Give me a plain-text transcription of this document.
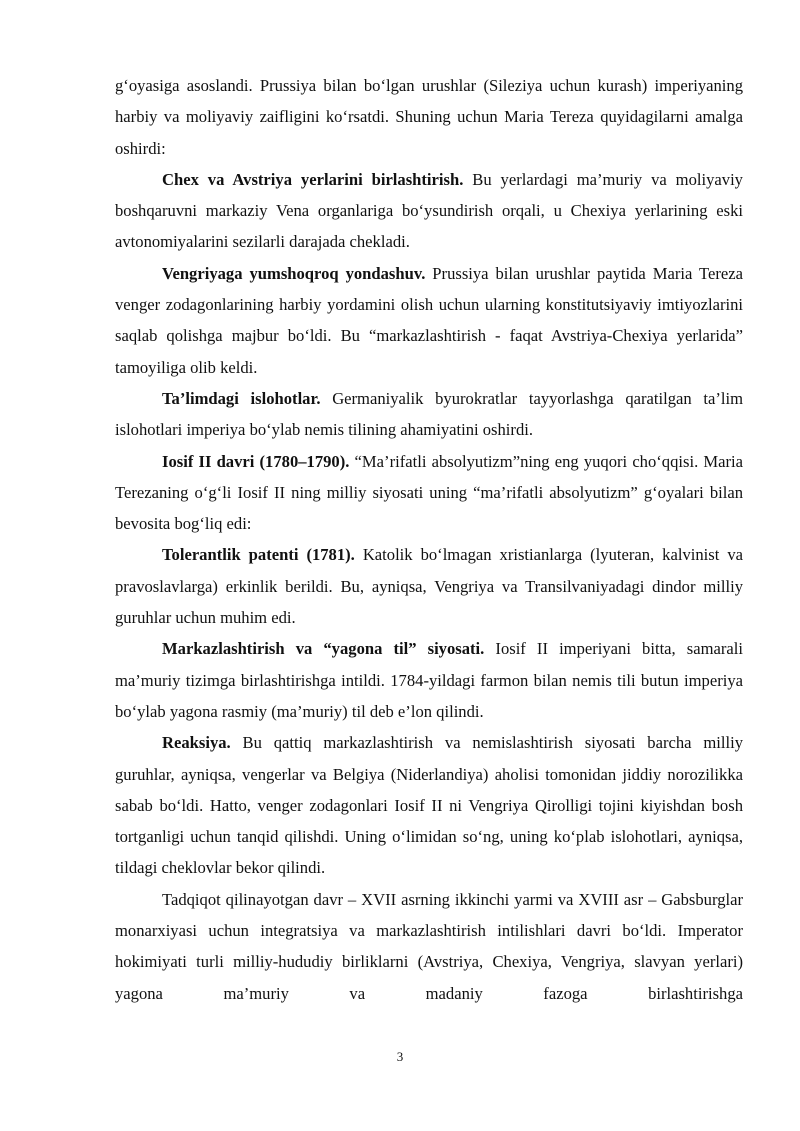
g‘oyasiga asoslandi. Prussiya bilan bo‘lgan urushlar (Sileziya uchun kurash) imperiyaning harbiy va moliyaviy zaifligini ko‘rsatdi. Shuning uchun Maria Tereza quyidagilarni amalga oshirdi:

Chex va Avstriya yerlarini birlashtirish. Bu yerlardagi ma’muriy va moliyaviy boshqaruvni markaziy Vena organlariga bo‘ysundirish orqali, u Chexiya yerlarining eski avtonomiyalarini sezilarli darajada chekladi.

Vengriyaga yumshoqroq yondashuv. Prussiya bilan urushlar paytida Maria Tereza venger zodagonlarining harbiy yordamini olish uchun ularning konstitutsiyaviy imtiyozlarini saqlab qolishga majbur bo‘ldi. Bu “markazlashtirish - faqat Avstriya-Chexiya yerlarida” tamoyiliga olib keldi.

Ta’limdagi islohotlar. Germaniyalik byurokratlar tayyorlashga qaratilgan ta’lim islohotlari imperiya bo‘ylab nemis tilining ahamiyatini oshirdi.

Iosif II davri (1780–1790). “Ma’rifatli absolyutizm”ning eng yuqori cho‘qqisi. Maria Terezaning o‘g‘li Iosif II ning milliy siyosati uning “ma’rifatli absolyutizm” g‘oyalari bilan bevosita bog‘liq edi:

Tolerantlik patenti (1781). Katolik bo‘lmagan xristianlarga (lyuteran, kalvinist va pravoslavlarga) erkinlik berildi. Bu, ayniqsa, Vengriya va Transilvaniyadagi dindor milliy guruhlar uchun muhim edi.

Markazlashtirish va “yagona til” siyosati. Iosif II imperiyani bitta, samarali ma’muriy tizimga birlashtirishga intildi. 1784-yildagi farmon bilan nemis tili butun imperiya bo‘ylab yagona rasmiy (ma’muriy) til deb e’lon qilindi.

Reaksiya. Bu qattiq markazlashtirish va nemislashtirish siyosati barcha milliy guruhlar, ayniqsa, vengerlar va Belgiya (Niderlandiya) aholisi tomonidan jiddiy norozilikka sabab bo‘ldi. Hatto, venger zodagonlari Iosif II ni Vengriya Qirolligi tojini kiyishdan bosh tortganligi uchun tanqid qilishdi. Uning o‘limidan so‘ng, uning ko‘plab islohotlari, ayniqsa, tildagi cheklovlar bekor qilindi.

Tadqiqot qilinayotgan davr – XVII asrning ikkinchi yarmi va XVIII asr – Gabsburglar monarxiyasi uchun integratsiya va markazlashtirish intilishlari davri bo‘ldi. Imperator hokimiyati turli milliy-hududiy birliklarni (Avstriya, Chexiya, Vengriya, slavyan yerlari) yagona ma’muriy va madaniy fazoga birlashtirishga

3
